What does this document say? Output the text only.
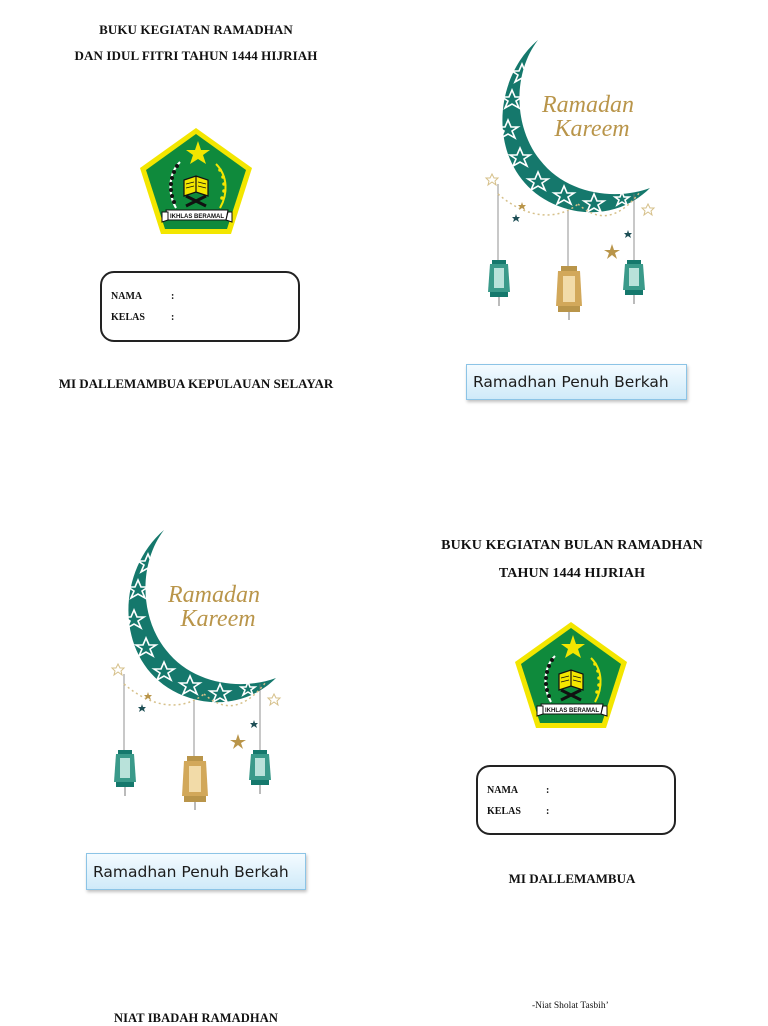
BUKU KEGIATAN RAMADHAN
DAN IDUL FITRI TAHUN 1444 HIJRIAH
IKHLAS BERAMAL
NAMA	:
KELAS	:
MI DALLEMAMBUA KEPULAUAN SELAYAR
Ramadan
Kareem
Ramadhan Penuh Berkah
Ramadan
Kareem
Ramadhan Penuh Berkah
BUKU KEGIATAN BULAN RAMADHAN
TAHUN 1444 HIJRIAH
IKHLAS BERAMAL
NAMA	:
KELAS	:
MI DALLEMAMBUA
NIAT IBADAH RAMADHAN
-Niat Sholat Tasbih’
